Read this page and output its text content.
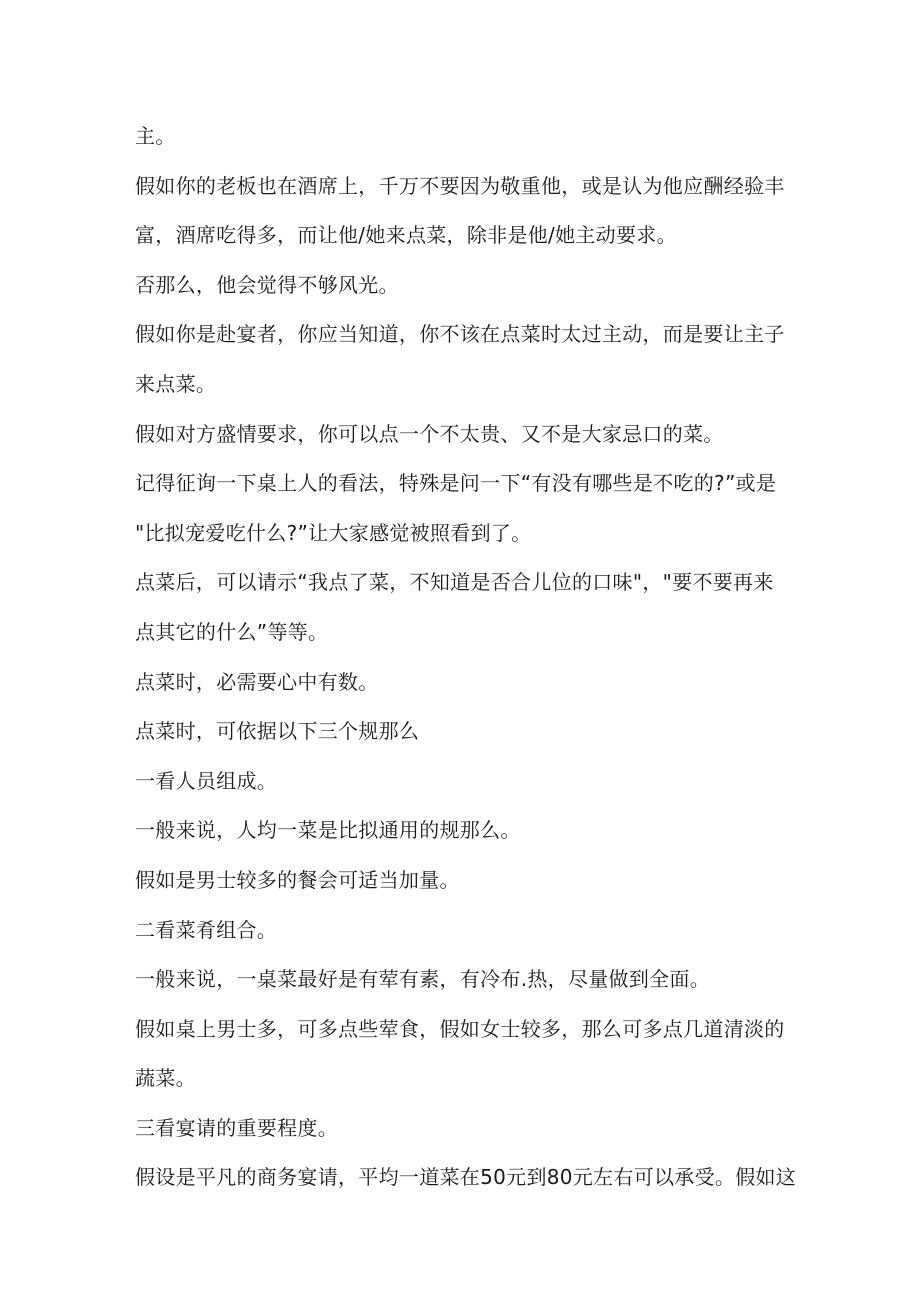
主。
假如你的老板也在酒席上，千万不要因为敬重他，或是认为他应酬经验丰
富，酒席吃得多，而让他/她来点菜，除非是他/她主动要求。
否那么，他会觉得不够风光。
假如你是赴宴者，你应当知道，你不该在点菜时太过主动，而是要让主子
来点菜。
假如对方盛情要求，你可以点一个不太贵、又不是大家忌口的菜。
记得征询一下桌上人的看法，特殊是问一下“有没有哪些是不吃的?”或是
"比拟宠爱吃什么?”让大家感觉被照看到了。
点菜后，可以请示“我点了菜，不知道是否合儿位的口味"，"要不要再来
点其它的什么”等等。
点菜时，必需要心中有数。
点菜时，可依据以下三个规那么
一看人员组成。
一般来说，人均一菜是比拟通用的规那么。
假如是男士较多的餐会可适当加量。
二看菜肴组合。
一般来说，一桌菜最好是有荤有素，有冷布.热，尽量做到全面。
假如桌上男士多，可多点些荤食，假如女士较多，那么可多点几道清淡的
蔬菜。
三看宴请的重要程度。
假设是平凡的商务宴请，平均一道菜在50元到80元左右可以承受。假如这
